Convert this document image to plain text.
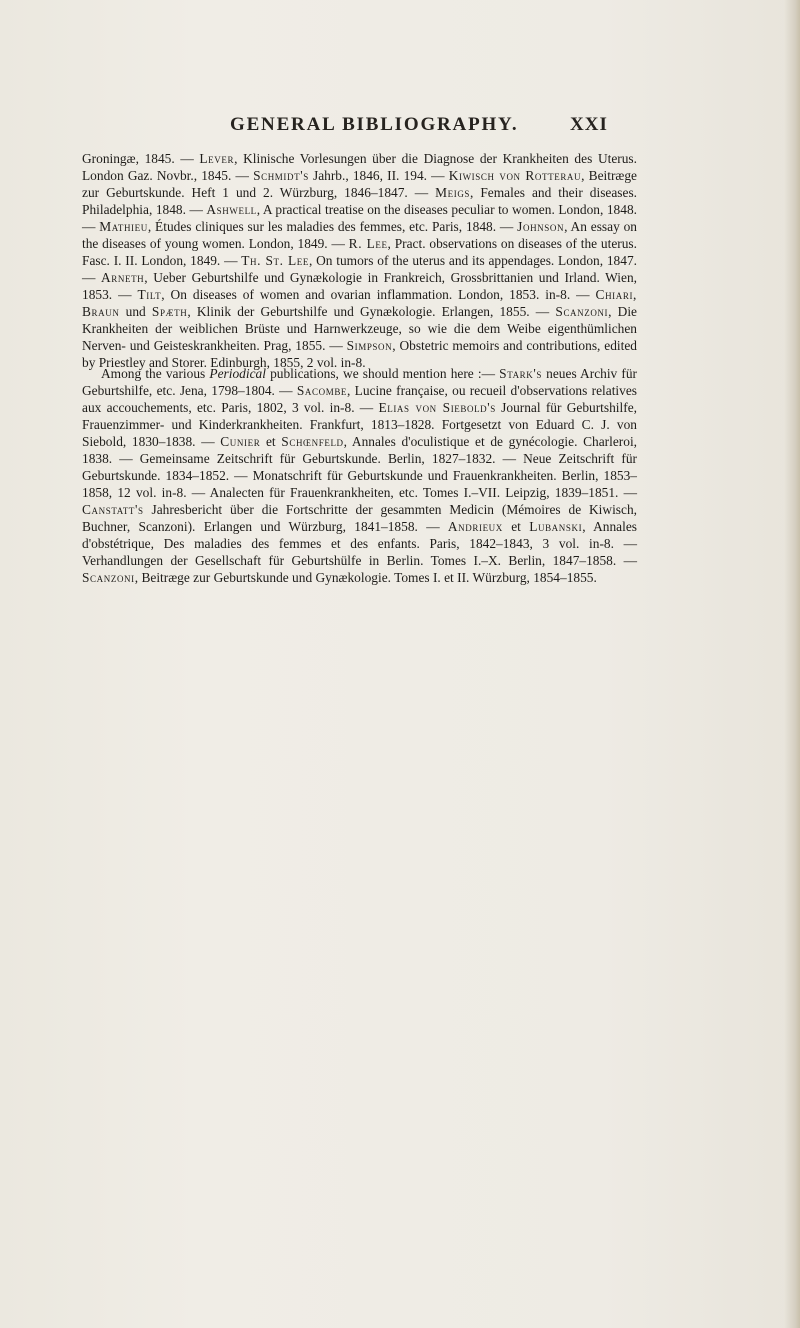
GENERAL BIBLIOGRAPHY.	XXI
Groningæ, 1845. — Lever, Klinische Vorlesungen über die Diagnose der Krankheiten des Uterus. London Gaz. Novbr., 1845. — Schmidt's Jahrb., 1846, II. 194. — Kiwisch von Rotterau, Beitræge zur Geburtskunde. Heft 1 und 2. Würzburg, 1846–1847. — Meigs, Females and their diseases. Philadelphia, 1848. — Ashwell, A practical treatise on the diseases peculiar to women. London, 1848. — Mathieu, Études cliniques sur les maladies des femmes, etc. Paris, 1848. — Johnson, An essay on the diseases of young women. London, 1849. — R. Lee, Pract. observations on diseases of the uterus. Fasc. I. II. London, 1849. — Th. St. Lee, On tumors of the uterus and its appendages. London, 1847. — Arneth, Ueber Geburtshilfe und Gynækologie in Frankreich, Grossbrittanien und Irland. Wien, 1853. — Tilt, On diseases of women and ovarian inflammation. London, 1853. in-8. — Chiari, Braun und Spæth, Klinik der Geburtshilfe und Gynækologie. Erlangen, 1855. — Scanzoni, Die Krankheiten der weiblichen Brüste und Harnwerkzeuge, so wie die dem Weibe eigenthümlichen Nerven- und Geisteskrankheiten. Prag, 1855. — Simpson, Obstetric memoirs and contributions, edited by Priestley and Storer. Edinburgh, 1855, 2 vol. in-8.
Among the various Periodical publications, we should mention here :— Stark's neues Archiv für Geburtshilfe, etc. Jena, 1798–1804. — Sacombe, Lucine française, ou recueil d'observations relatives aux accouchements, etc. Paris, 1802, 3 vol. in-8. — Elias von Siebold's Journal für Geburtshilfe, Frauenzimmer- und Kinderkrankheiten. Frankfurt, 1813–1828. Fortgesetzt von Eduard C. J. von Siebold, 1830–1838. — Cunier et Schœnfeld, Annales d'oculistique et de gynécologie. Charleroi, 1838. — Gemeinsame Zeitschrift für Geburtskunde. Berlin, 1827–1832. — Neue Zeitschrift für Geburtskunde. 1834–1852. — Monatschrift für Geburtskunde und Frauenkrankheiten. Berlin, 1853–1858, 12 vol. in-8. — Analecten für Frauenkrankheiten, etc. Tomes I.–VII. Leipzig, 1839–1851. — Canstatt's Jahresbericht über die Fortschritte der gesammten Medicin (Mémoires de Kiwisch, Buchner, Scanzoni). Erlangen und Würzburg, 1841–1858. — Andrieux et Lubanski, Annales d'obstétrique, Des maladies des femmes et des enfants. Paris, 1842–1843, 3 vol. in-8. — Verhandlungen der Gesellschaft für Geburtshülfe in Berlin. Tomes I.–X. Berlin, 1847–1858. — Scanzoni, Beitræge zur Geburtskunde und Gynækologie. Tomes I. et II. Würzburg, 1854–1855.
